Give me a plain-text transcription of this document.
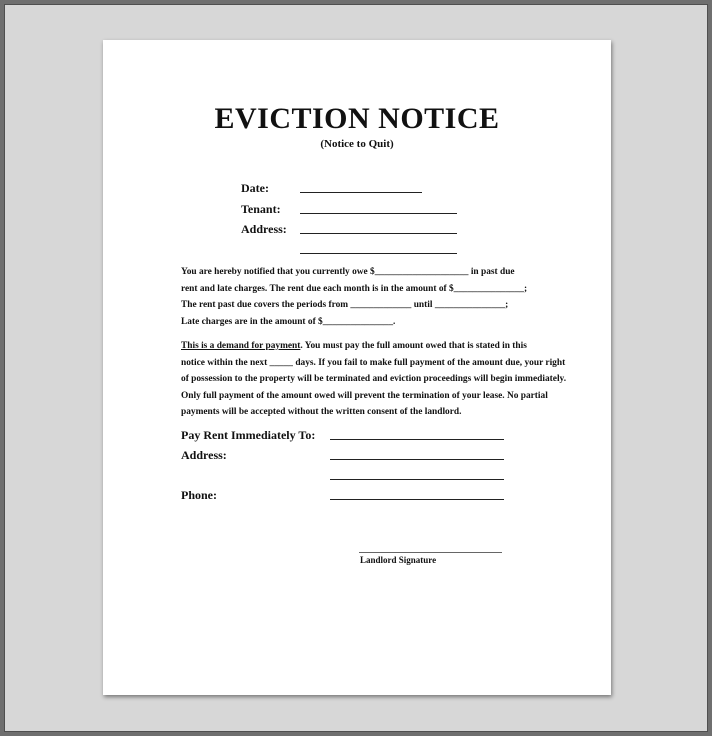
EVICTION NOTICE
(Notice to Quit)
Date:
Tenant:
Address:
You are hereby notified that you currently owe $____________________ in past due
rent and late charges. The rent due each month is in the amount of $_______________;
The rent past due covers the periods from _____________ until _______________;
Late charges are in the amount of $_______________.
This is a demand for payment. You must pay the full amount owed that is stated in this
notice within the next _____ days. If you fail to make full payment of the amount due, your right
of possession to the property will be terminated and eviction proceedings will begin immediately.
Only full payment of the amount owed will prevent the termination of your lease. No partial
payments will be accepted without the written consent of the landlord.
Pay Rent Immediately To:
Address:
Phone:
Landlord Signature
